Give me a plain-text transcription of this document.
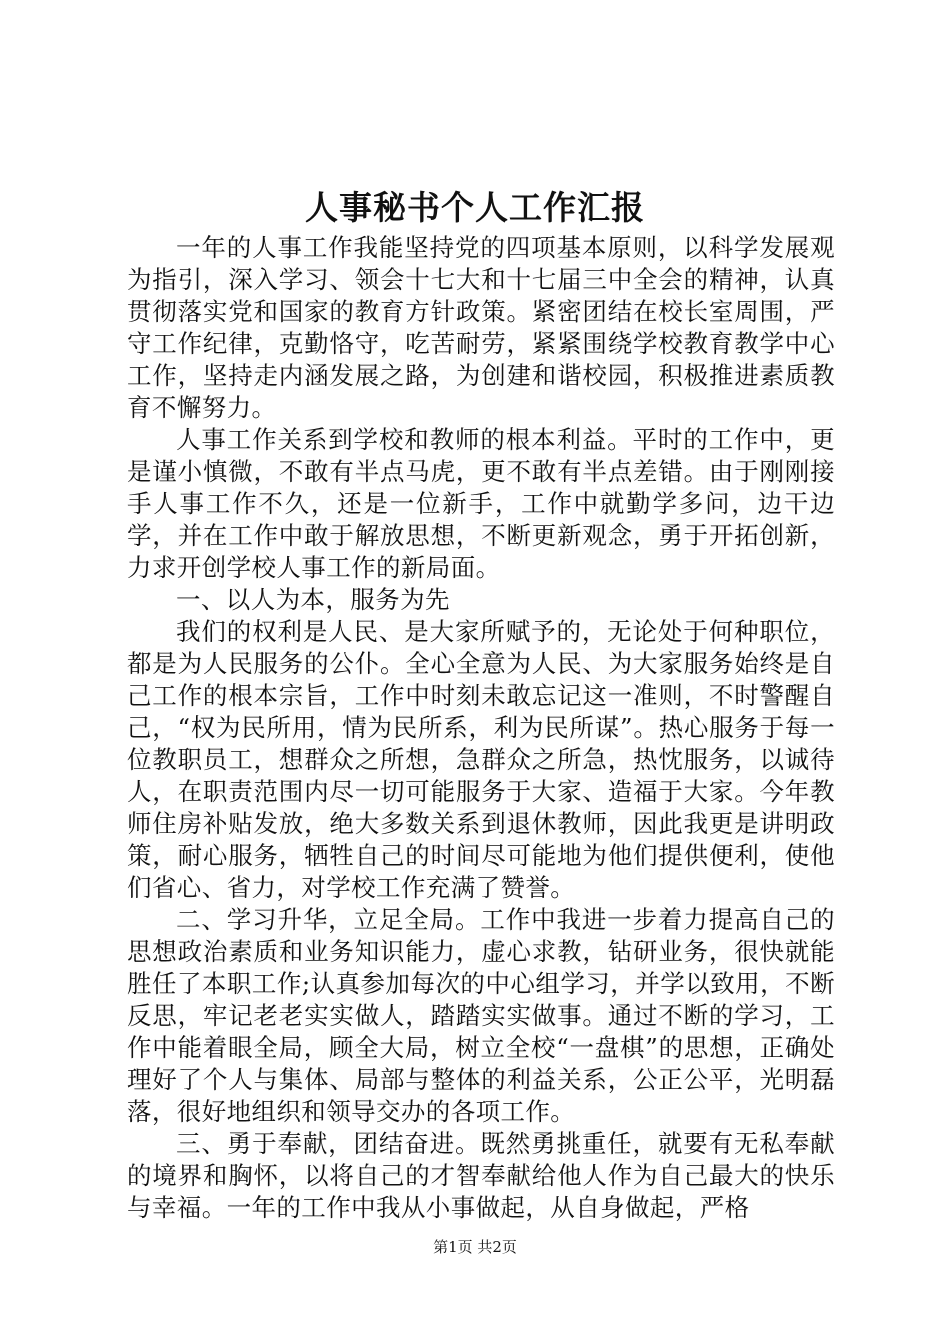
人事秘书个人工作汇报

一年的人事工作我能坚持党的四项基本原则，以科学发展观为指引，深入学习、领会十七大和十七届三中全会的精神，认真贯彻落实党和国家的教育方针政策。紧密团结在校长室周围，严守工作纪律，克勤恪守，吃苦耐劳，紧紧围绕学校教育教学中心工作，坚持走内涵发展之路，为创建和谐校园，积极推进素质教育不懈努力。

人事工作关系到学校和教师的根本利益。平时的工作中，更是谨小慎微，不敢有半点马虎，更不敢有半点差错。由于刚刚接手人事工作不久，还是一位新手，工作中就勤学多问，边干边学，并在工作中敢于解放思想，不断更新观念，勇于开拓创新，力求开创学校人事工作的新局面。

一、以人为本，服务为先

我们的权利是人民、是大家所赋予的，无论处于何种职位，都是为人民服务的公仆。全心全意为人民、为大家服务始终是自己工作的根本宗旨，工作中时刻未敢忘记这一准则，不时警醒自己，“权为民所用，情为民所系，利为民所谋”。热心服务于每一位教职员工，想群众之所想，急群众之所急，热忱服务，以诚待人，在职责范围内尽一切可能服务于大家、造福于大家。今年教师住房补贴发放，绝大多数关系到退休教师，因此我更是讲明政策，耐心服务，牺牲自己的时间尽可能地为他们提供便利，使他们省心、省力，对学校工作充满了赞誉。

二、学习升华，立足全局。工作中我进一步着力提高自己的思想政治素质和业务知识能力，虚心求教，钻研业务，很快就能胜任了本职工作;认真参加每次的中心组学习，并学以致用，不断反思，牢记老老实实做人，踏踏实实做事。通过不断的学习，工作中能着眼全局，顾全大局，树立全校“一盘棋”的思想，正确处理好了个人与集体、局部与整体的利益关系，公正公平，光明磊落，很好地组织和领导交办的各项工作。

三、勇于奉献，团结奋进。既然勇挑重任，就要有无私奉献的境界和胸怀，以将自己的才智奉献给他人作为自己最大的快乐与幸福。一年的工作中我从小事做起，从自身做起，严格

第1页 共2页
